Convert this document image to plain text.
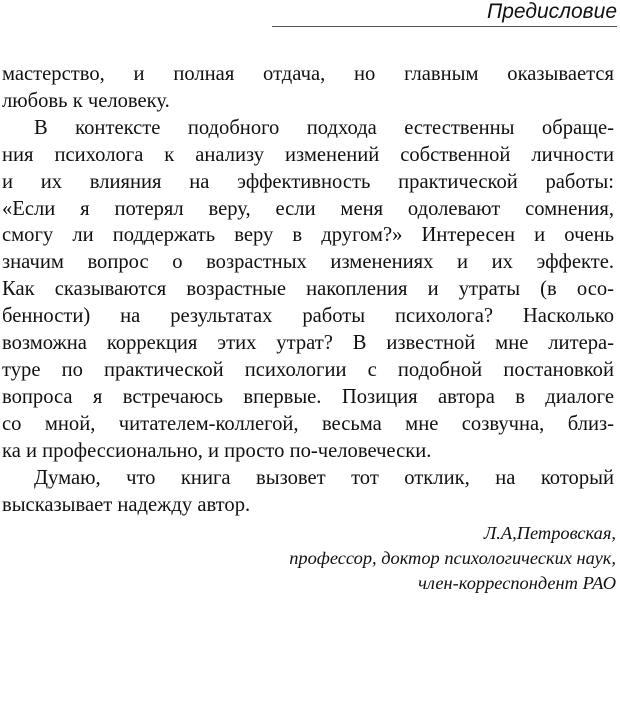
Предисловие
мастерство, и полная отдача, но главным оказывается
любовь к человеку.
В контексте подобного подхода естественны обраще-
ния психолога к анализу изменений собственной личности
и их влияния на эффективность практической работы:
«Если я потерял веру, если меня одолевают сомнения,
смогу ли поддержать веру в другом?» Интересен и очень
значим вопрос о возрастных изменениях и их эффекте.
Как сказываются возрастные накопления и утраты (в осо-
бенности) на результатах работы психолога? Насколько
возможна коррекция этих утрат? В известной мне литера-
туре по практической психологии с подобной постановкой
вопроса я встречаюсь впервые. Позиция автора в диалоге
со мной, читателем-коллегой, весьма мне созвучна, близ-
ка и профессионально, и просто по-человечески.
Думаю, что книга вызовет тот отклик, на который
высказывает надежду автор.
Л.А,Петровская,
профессор, доктор психологических наук,
член-корреспондент РАО
